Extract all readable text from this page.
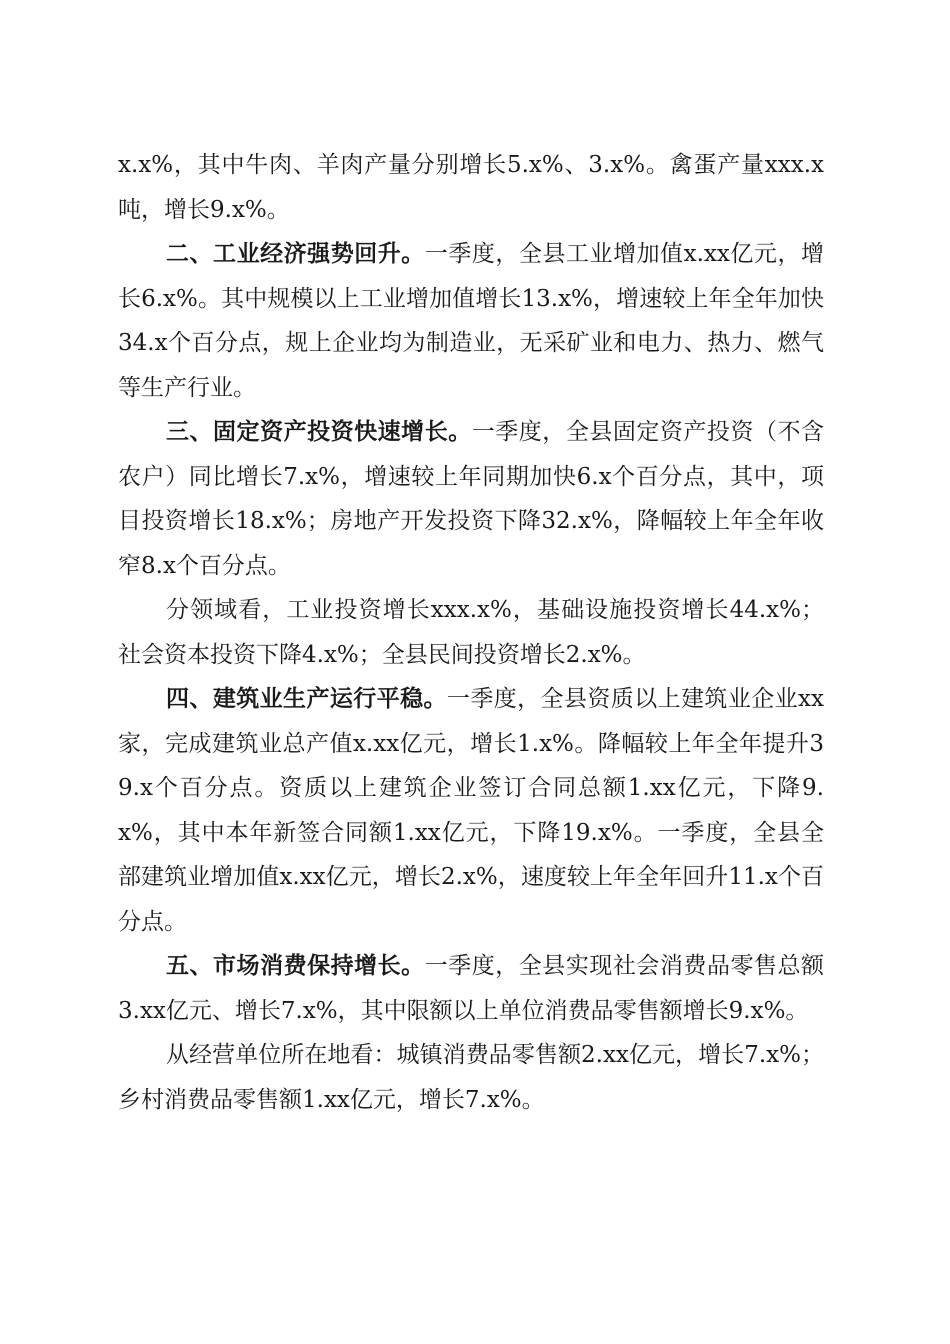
x.x%，其中牛肉、羊肉产量分别增长5.x%、3.x%。禽蛋产量xxx.x吨，增长9.x%。

二、工业经济强势回升。一季度，全县工业增加值x.xx亿元，增长6.x%。其中规模以上工业增加值增长13.x%，增速较上年全年加快34.x个百分点，规上企业均为制造业，无采矿业和电力、热力、燃气等生产行业。

三、固定资产投资快速增长。一季度，全县固定资产投资（不含农户）同比增长7.x%，增速较上年同期加快6.x个百分点，其中，项目投资增长18.x%；房地产开发投资下降32.x%，降幅较上年全年收窄8.x个百分点。

分领域看，工业投资增长xxx.x%，基础设施投资增长44.x%；社会资本投资下降4.x%；全县民间投资增长2.x%。

四、建筑业生产运行平稳。一季度，全县资质以上建筑业企业xx家，完成建筑业总产值x.xx亿元，增长1.x%。降幅较上年全年提升39.x个百分点。资质以上建筑企业签订合同总额1.xx亿元，下降9.x%，其中本年新签合同额1.xx亿元，下降19.x%。一季度，全县全部建筑业增加值x.xx亿元，增长2.x%，速度较上年全年回升11.x个百分点。

五、市场消费保持增长。一季度，全县实现社会消费品零售总额3.xx亿元、增长7.x%，其中限额以上单位消费品零售额增长9.x%。

从经营单位所在地看：城镇消费品零售额2.xx亿元，增长7.x%；乡村消费品零售额1.xx亿元，增长7.x%。
